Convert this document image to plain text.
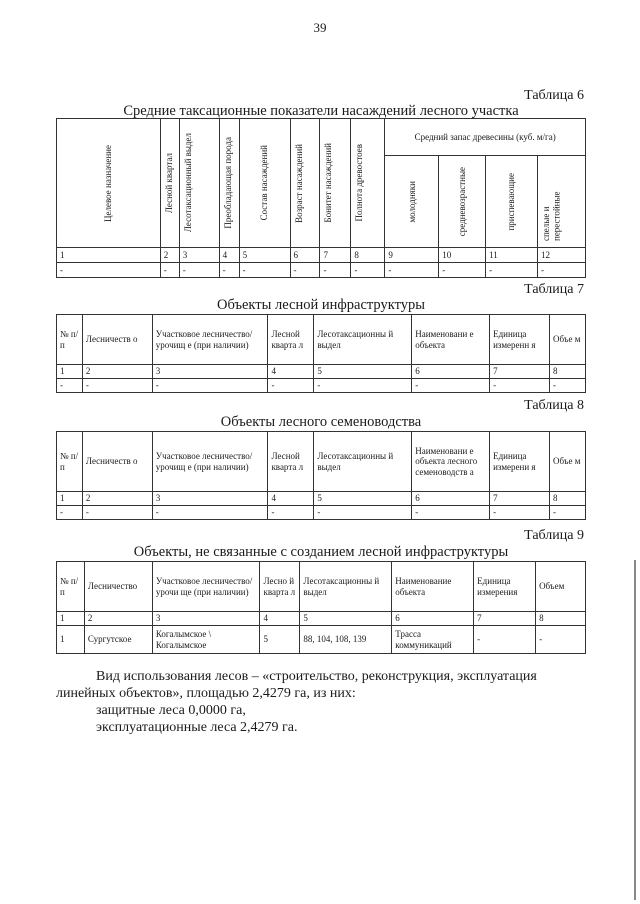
39
Таблица 6
Средние таксационные показатели насаждений лесного участка
Целевое назначение	Лесной квартал	Лесотаксационный выдел	Преобладающая порода	Состав насаждений	Возраст насаждений	Бонитет насаждений	Полнота древостоев	Средний запас древесины (куб. м/га)			

								молодняки	средневозрастные	приспевающие	спелые и перестойные

1	2	3	4	5	6	7	8	9	10	11	12
-	-	-	-	-	-	-	-	-	-	-	-
Таблица 7
Объекты лесной инфраструктуры
№ п/ п	Лесничеств о	Участковое лесничество/урочищ е (при наличии)	Лесной кварта л	Лесотаксационны й выдел	Наименовани е объекта	Единица измеренн я	Объе м
1	2	3	4	5	6	7	8
-	-	-	-	-	-	-	-
Таблица 8
Объекты лесного семеноводства
№ п/ п	Лесничеств о	Участковое лесничество/урочищ е (при наличии)	Лесной кварта л	Лесотаксационны й выдел	Наименовани е объекта лесного семеноводств а	Единица измерени я	Объе м
1	2	3	4	5	6	7	8
-	-	-	-	-	-	-	-
Таблица 9
Объекты, не связанные с созданием лесной инфраструктуры
№ п/п	Лесничество	Участковое лесничество/урочи ще (при наличии)	Лесно й кварта л	Лесотаксационны й выдел	Наименование объекта	Единица измерения	Объем
1	2	3	4	5	6	7	8
1	Сургутское	Когалымское \ Когалымское	5	88, 104, 108, 139	Трасса коммуникаций	-	-
Вид использования лесов – «строительство, реконструкция, эксплуатация
линейных объектов», площадью 2,4279 га, из них:
защитные леса 0,0000 га,
эксплуатационные леса 2,4279 га.
